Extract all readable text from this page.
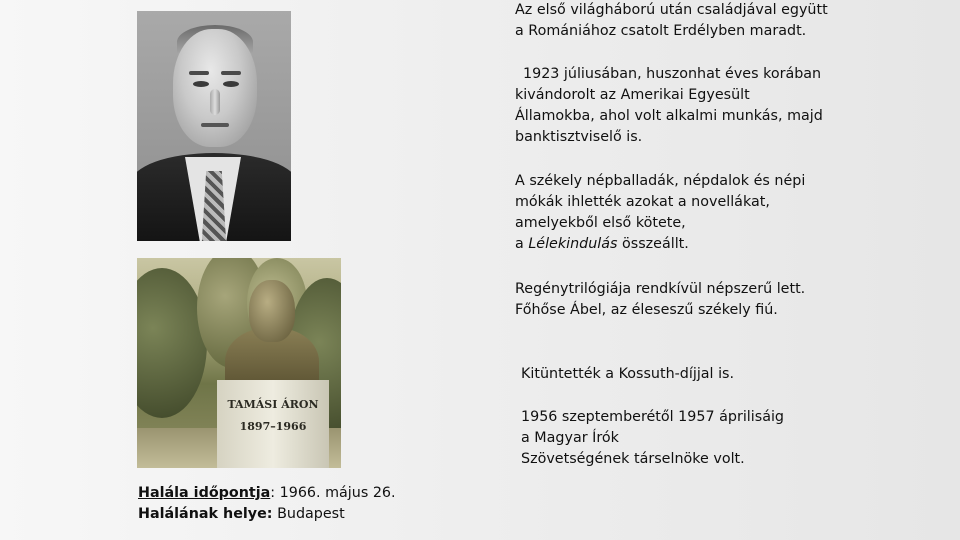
TAMÁSI ÁRON
1897–1966

Az első világháború után családjával együtt
a Romániához csatolt Erdélyben maradt.

1923 júliusában, huszonhat éves korában
kivándorolt az Amerikai Egyesült
Államokba, ahol volt alkalmi munkás, majd
banktisztviselő is.

A székely népballadák, népdalok és népi
mókák ihlették azokat a novellákat,
amelyekből első kötete,
a Lélekindulás összeállt.

Regénytrilógiája rendkívül népszerű lett.
Főhőse Ábel, az éleseszű székely fiú.

Kitüntették a Kossuth-díjjal is.

1956 szeptemberétől 1957 áprilisáig
a Magyar Írók
Szövetségének társelnöke volt.

Halála időpontja: 1966. május 26.
Halálának helye: Budapest
